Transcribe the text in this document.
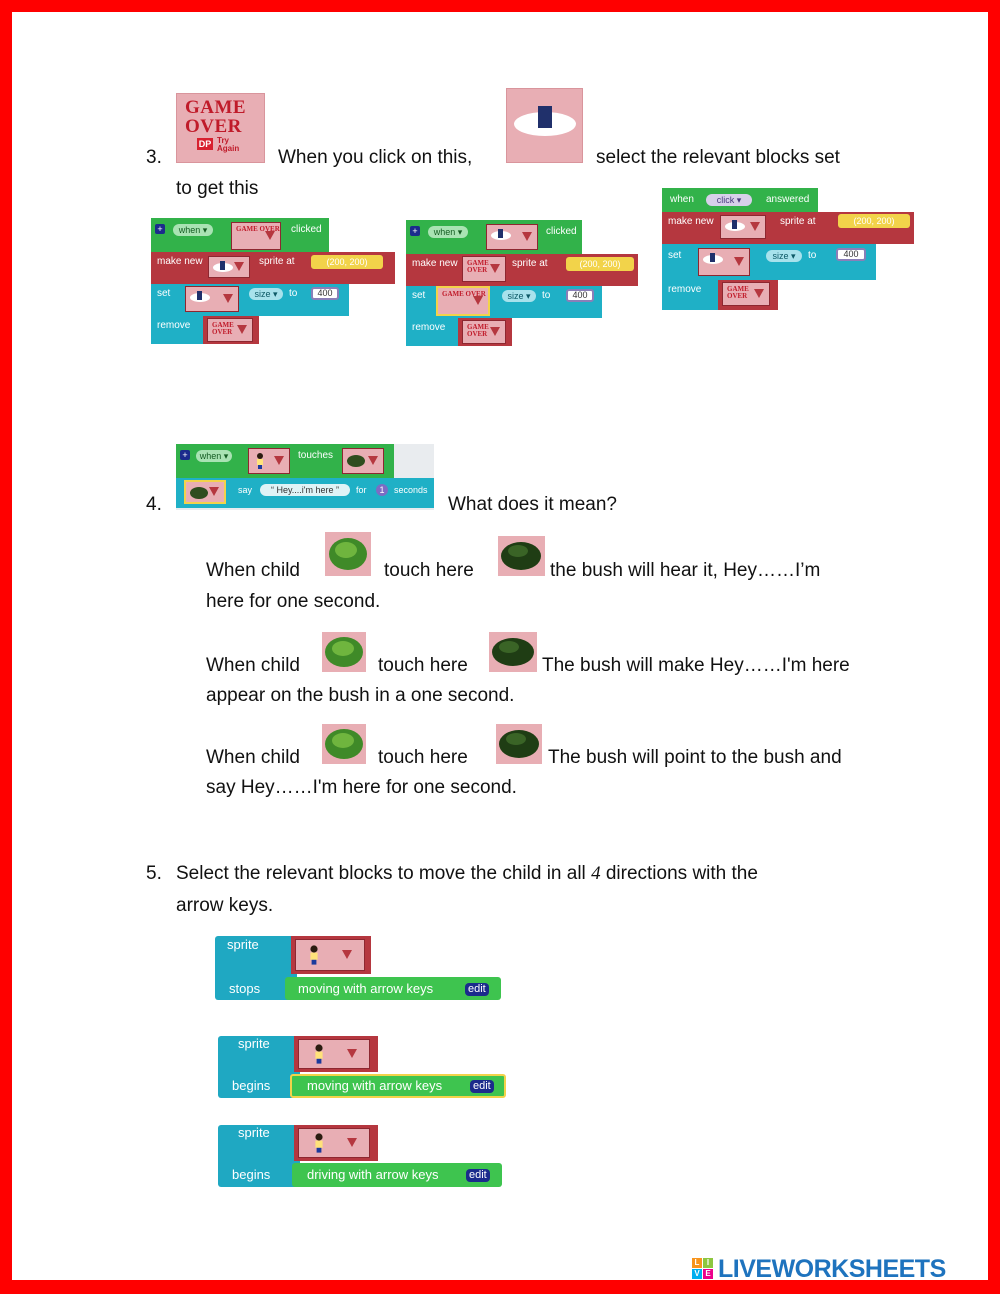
3.
GAME
OVER
DP Try
Again When you click on this,	select the relevant blocks set
to get this
+	when ▾	GAME OVER clicked
make new	sprite at	(200, 200)
set	size ▾	to	400
remove	GAME OVER
+	when ▾	clicked
make new GAME OVER
sprite at	(200, 200)
set GAME OVER	size ▾	to	400
remove	GAME OVER
when	click ▾	answered
make new	sprite at	(200, 200)
set	size ▾	to	400
remove	GAME OVER
4.
+	when ▾	touches
say	“ Hey....i'm here ”	for	1	seconds
What does it mean?
When child	touch here	the bush will hear it, Hey……I’m
here for one second.
When child	touch here	The bush will make Hey……I'm here
appear on the bush in a one second.
When child	touch here	The bush will point to the bush and
say Hey……I'm here for one second.
5. Select the relevant blocks to move the child in all 4 directions with the
arrow keys.
sprite
stops	moving with arrow keys	edit
sprite
begins	moving with arrow keys	edit
sprite
begins	driving with arrow keys	edit
L I
V E LIVEWORKSHEETS
